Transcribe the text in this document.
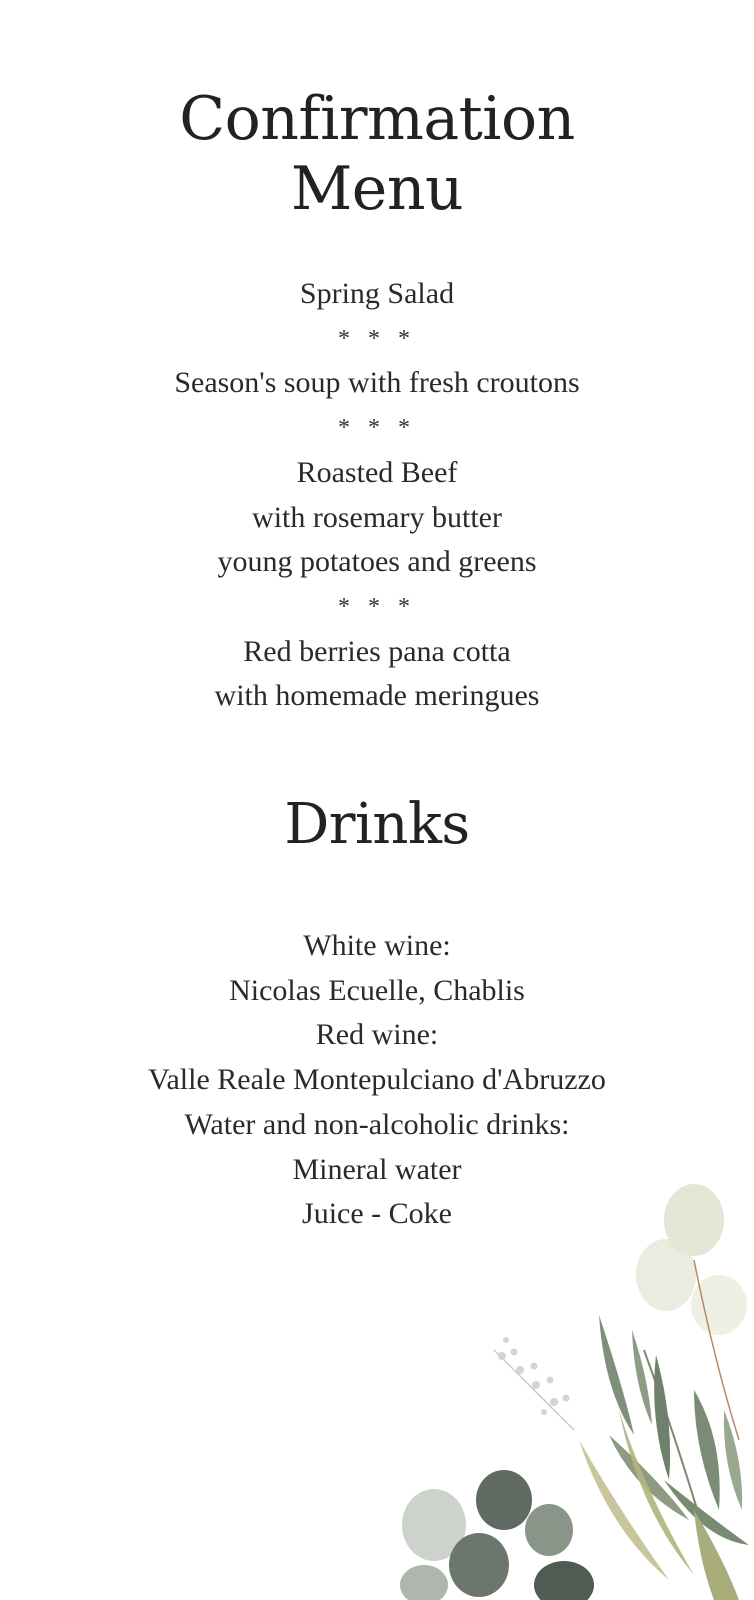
Confirmation
Menu
Spring Salad
* * *
Season's soup with fresh croutons
* * *
Roasted Beef
with rosemary butter
young potatoes and greens
* * *
Red berries pana cotta
with homemade meringues
Drinks
White wine:
Nicolas Ecuelle, Chablis
Red wine:
Valle Reale Montepulciano d'Abruzzo
Water and non-alcoholic drinks:
Mineral water
Juice - Coke
